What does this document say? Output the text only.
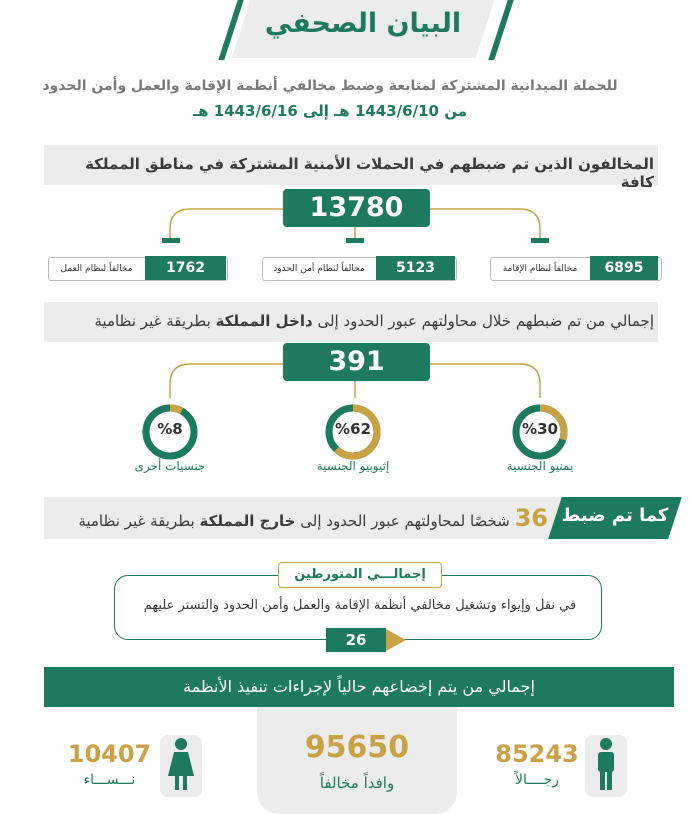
البيان الصحفي
للحملة الميدانية المشتركة لمتابعة وضبط مخالفي أنظمة الإقامة والعمل وأمن الحدود
من 1443/6/10 هـ إلى 1443/6/16 هـ
المخالفون الذين تم ضبطهم في الحملات الأمنية المشتركة في مناطق المملكة كافة
13780
6895
مخالفاً لنظام الإقامة
5123
مخالفاً لنظام أمن الحدود
1762
مخالفاً لنظام العمل
إجمالي من تم ضبطهم خلال محاولتهم عبور الحدود إلى داخل المملكة بطريقة غير نظامية
391
%30
يمنيو الجنسية
%62
إثيوبيو الجنسية
%8
جنسيات أخرى
كما تم ضبط
36 شخصًا لمحاولتهم عبور الحدود إلى خارج المملكة بطريقة غير نظامية
إجمالـــي المتورطين
في نقل وإيواء وتشغيل مخالفي أنظمة الإقامة والعمل وأمن الحدود والتستر عليهم
26
إجمالي من يتم إخضاعهم حالياً لإجراءات تنفيذ الأنظمة
95650
وافداً مخالفاً
85243
رجــــالاً
10407
نـــســـاء
